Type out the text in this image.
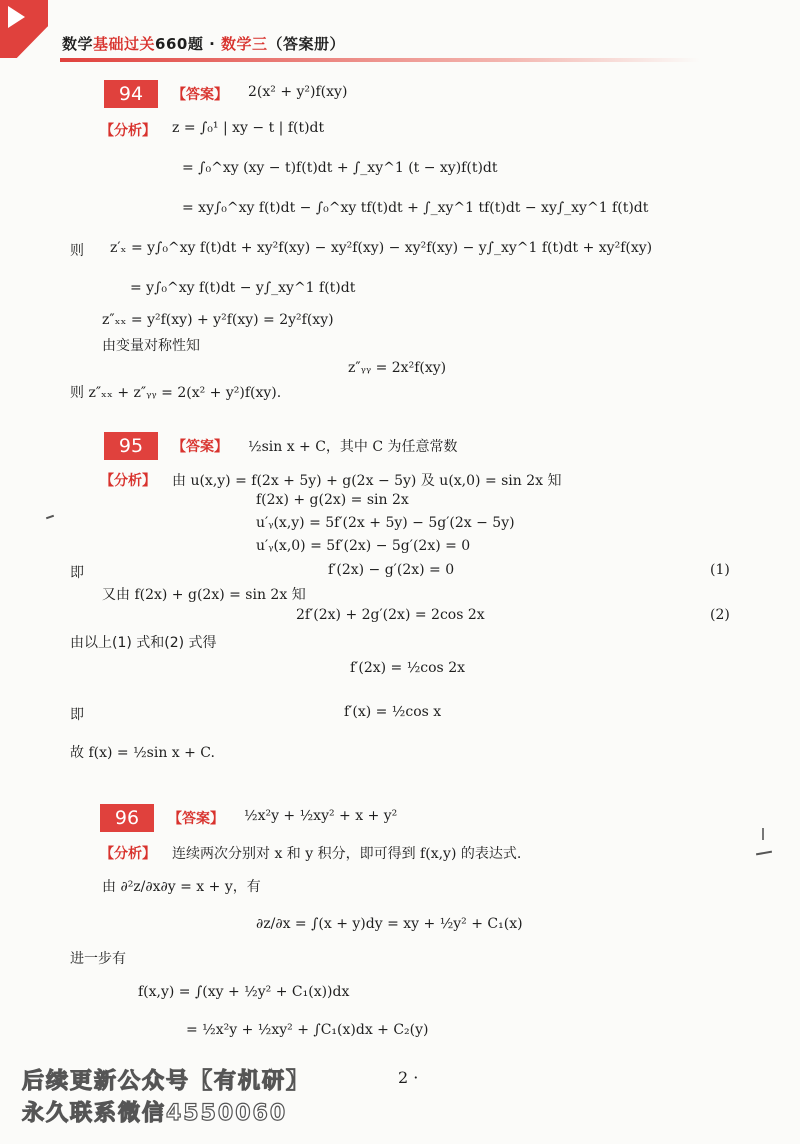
数学基础过关660题 · 数学三（答案册）
94	【答案】 2(x² + y²)f(xy)
【分析】 z = ∫₀¹ | xy − t | f(t)dt
= ∫₀^xy (xy − t)f(t)dt + ∫_xy^1 (t − xy)f(t)dt
= xy∫₀^xy f(t)dt − ∫₀^xy tf(t)dt + ∫_xy^1 tf(t)dt − xy∫_xy^1 f(t)dt
则 z′ₓ = y∫₀^xy f(t)dt + xy²f(xy) − xy²f(xy) − xy²f(xy) − y∫_xy^1 f(t)dt + xy²f(xy)
= y∫₀^xy f(t)dt − y∫_xy^1 f(t)dt
z″ₓₓ = y²f(xy) + y²f(xy) = 2y²f(xy)
由变量对称性知
z″ᵧᵧ = 2x²f(xy)
则 z″ₓₓ + z″ᵧᵧ = 2(x² + y²)f(xy).
95	【答案】 ½sin x + C，其中 C 为任意常数
【分析】 由 u(x,y) = f(2x + 5y) + g(2x − 5y) 及 u(x,0) = sin 2x 知
f(2x) + g(2x) = sin 2x
u′ᵧ(x,y) = 5f′(2x + 5y) − 5g′(2x − 5y)
u′ᵧ(x,0) = 5f′(2x) − 5g′(2x) = 0
即	f′(2x) − g′(2x) = 0	(1)
又由 f(2x) + g(2x) = sin 2x 知
2f′(2x) + 2g′(2x) = 2cos 2x	(2)
由以上(1) 式和(2) 式得
f′(2x) = ½cos 2x
即	f′(x) = ½cos x
故 f(x) = ½sin x + C.
96	【答案】 ½x²y + ½xy² + x + y²
【分析】 连续两次分别对 x 和 y 积分，即可得到 f(x,y) 的表达式.
由 ∂²z/∂x∂y = x + y，有
∂z/∂x = ∫(x + y)dy = xy + ½y² + C₁(x)
进一步有
f(x,y) = ∫(xy + ½y² + C₁(x))dx
= ½x²y + ½xy² + ∫C₁(x)dx + C₂(y)
2 ·
后续更新公众号【有机研】
永久联系微信4550060
